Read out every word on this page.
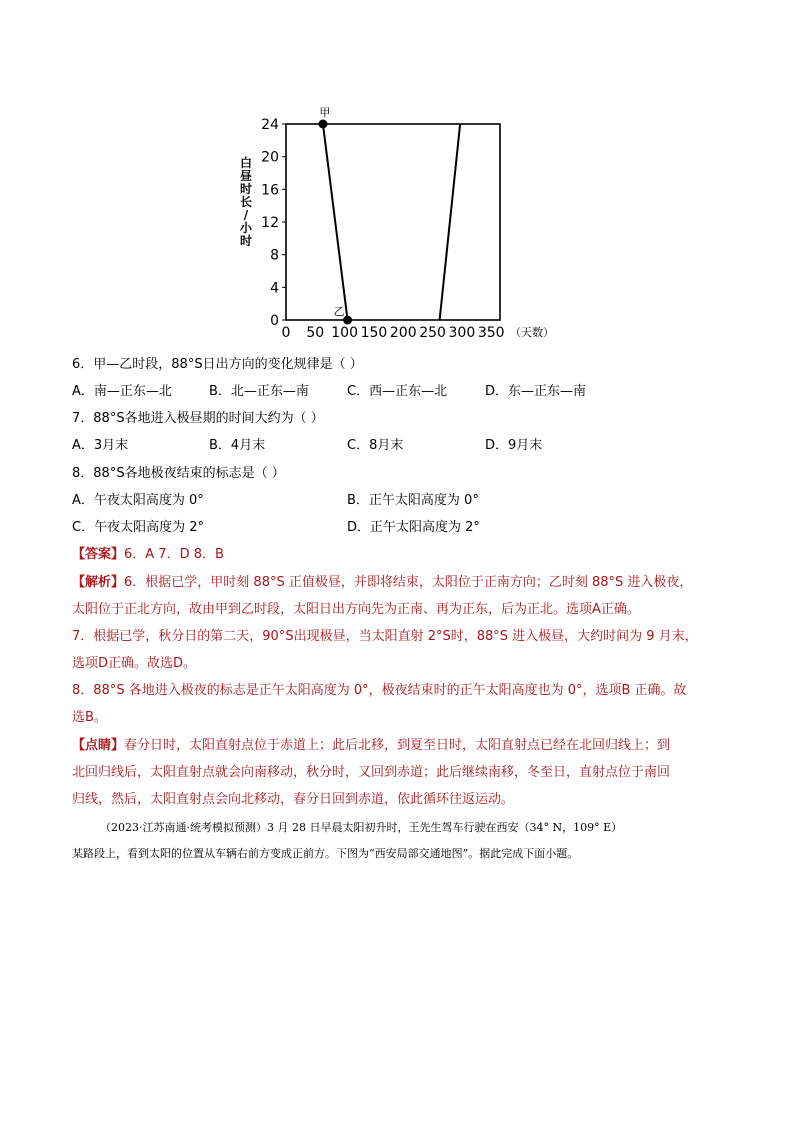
0
4
8
12
16
20
24
0 50 100 150 200 250 300 350 （天数）
甲
乙
白
昼
时
长
/
小
时
6．甲—乙时段，88°S日出方向的变化规律是（ ）
A．南—正东—北	B．北—正东—南	C．西—正东—北	D．东—正东—南
7．88°S各地进入极昼期的时间大约为（ ）
A．3月末	B．4月末	C．8月末	D．9月末
8．88°S各地极夜结束的标志是（ ）
A．午夜太阳高度为 0°	B．正午太阳高度为 0°
C．午夜太阳高度为 2°	D．正午太阳高度为 2°
【答案】6．A 7．D 8．B
【解析】6．根据已学，甲时刻 88°S 正值极昼，并即将结束，太阳位于正南方向；乙时刻 88°S 进入极夜，
太阳位于正北方向，故由甲到乙时段，太阳日出方向先为正南、再为正东，后为正北。选项A正确。
7．根据已学，秋分日的第二天，90°S出现极昼，当太阳直射 2°S时，88°S 进入极昼，大约时间为 9 月末，
选项D正确。故选D。
8．88°S 各地进入极夜的标志是正午太阳高度为 0°，极夜结束时的正午太阳高度也为 0°，选项B 正确。故
选B。
【点睛】春分日时，太阳直射点位于赤道上；此后北移，到夏至日时，太阳直射点已经在北回归线上；到
北回归线后，太阳直射点就会向南移动，秋分时，又回到赤道；此后继续南移，冬至日，直射点位于南回
归线，然后，太阳直射点会向北移动，春分日回到赤道，依此循环往返运动。
（2023·江苏南通·统考模拟预测）3 月 28 日早晨太阳初升时，王先生驾车行驶在西安（34° N，109° E）
某路段上，看到太阳的位置从车辆右前方变成正前方。下图为“西安局部交通地图”。据此完成下面小题。
